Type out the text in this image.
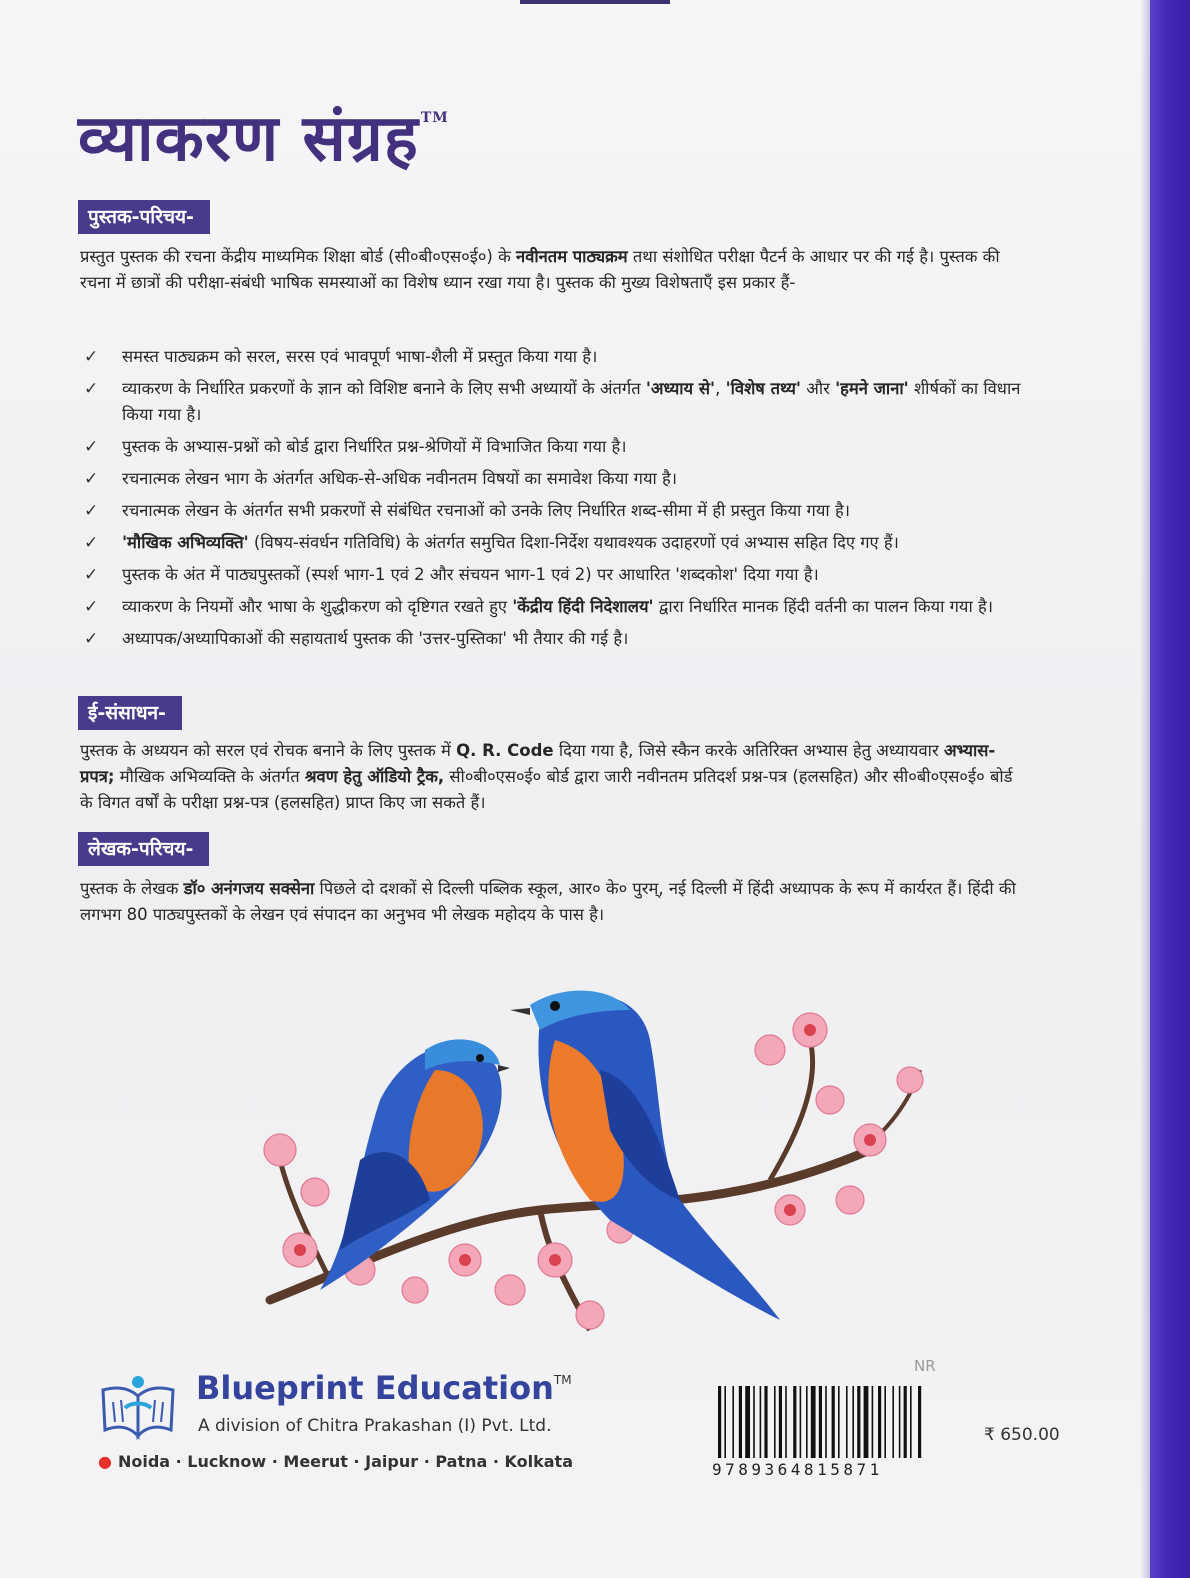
व्याकरण संग्रह ™
पुस्तक-परिचय-
प्रस्तुत पुस्तक की रचना केंद्रीय माध्यमिक शिक्षा बोर्ड (सी०बी०एस०ई०) के नवीनतम पाठ्यक्रम तथा संशोधित परीक्षा पैटर्न के आधार पर की गई है। पुस्तक की रचना में छात्रों की परीक्षा-संबंधी भाषिक समस्याओं का विशेष ध्यान रखा गया है। पुस्तक की मुख्य विशेषताएँ इस प्रकार हैं-
✓ समस्त पाठ्यक्रम को सरल, सरस एवं भावपूर्ण भाषा-शैली में प्रस्तुत किया गया है।
✓ व्याकरण के निर्धारित प्रकरणों के ज्ञान को विशिष्ट बनाने के लिए सभी अध्यायों के अंतर्गत 'अध्याय से', 'विशेष तथ्य' और 'हमने जाना' शीर्षकों का विधान किया गया है।
✓ पुस्तक के अभ्यास-प्रश्नों को बोर्ड द्वारा निर्धारित प्रश्न-श्रेणियों में विभाजित किया गया है।
✓ रचनात्मक लेखन भाग के अंतर्गत अधिक-से-अधिक नवीनतम विषयों का समावेश किया गया है।
✓ रचनात्मक लेखन के अंतर्गत सभी प्रकरणों से संबंधित रचनाओं को उनके लिए निर्धारित शब्द-सीमा में ही प्रस्तुत किया गया है।
✓ 'मौखिक अभिव्यक्ति' (विषय-संवर्धन गतिविधि) के अंतर्गत समुचित दिशा-निर्देश यथावश्यक उदाहरणों एवं अभ्यास सहित दिए गए हैं।
✓ पुस्तक के अंत में पाठ्यपुस्तकों (स्पर्श भाग-1 एवं 2 और संचयन भाग-1 एवं 2) पर आधारित 'शब्दकोश' दिया गया है।
✓ व्याकरण के नियमों और भाषा के शुद्धीकरण को दृष्टिगत रखते हुए 'केंद्रीय हिंदी निदेशालय' द्वारा निर्धारित मानक हिंदी वर्तनी का पालन किया गया है।
✓ अध्यापक/अध्यापिकाओं की सहायतार्थ पुस्तक की 'उत्तर-पुस्तिका' भी तैयार की गई है।
ई-संसाधन-
पुस्तक के अध्ययन को सरल एवं रोचक बनाने के लिए पुस्तक में Q. R. Code दिया गया है, जिसे स्कैन करके अतिरिक्त अभ्यास हेतु अध्यायवार अभ्यास-प्रपत्र; मौखिक अभिव्यक्ति के अंतर्गत श्रवण हेतु ऑडियो ट्रैक, सी०बी०एस०ई० बोर्ड द्वारा जारी नवीनतम प्रतिदर्श प्रश्न-पत्र (हलसहित) और सी०बी०एस०ई० बोर्ड के विगत वर्षों के परीक्षा प्रश्न-पत्र (हलसहित) प्राप्त किए जा सकते हैं।
लेखक-परिचय-
पुस्तक के लेखक डॉ० अनंगजय सक्सेना पिछले दो दशकों से दिल्ली पब्लिक स्कूल, आर० के० पुरम्, नई दिल्ली में हिंदी अध्यापक के रूप में कार्यरत हैं। हिंदी की लगभग 80 पाठ्यपुस्तकों के लेखन एवं संपादन का अनुभव भी लेखक महोदय के पास है।
Blueprint Education™
A division of Chitra Prakashan (I) Pvt. Ltd.
● Noida · Lucknow · Meerut · Jaipur · Patna · Kolkata
NR
9789364815871
₹ 650.00
